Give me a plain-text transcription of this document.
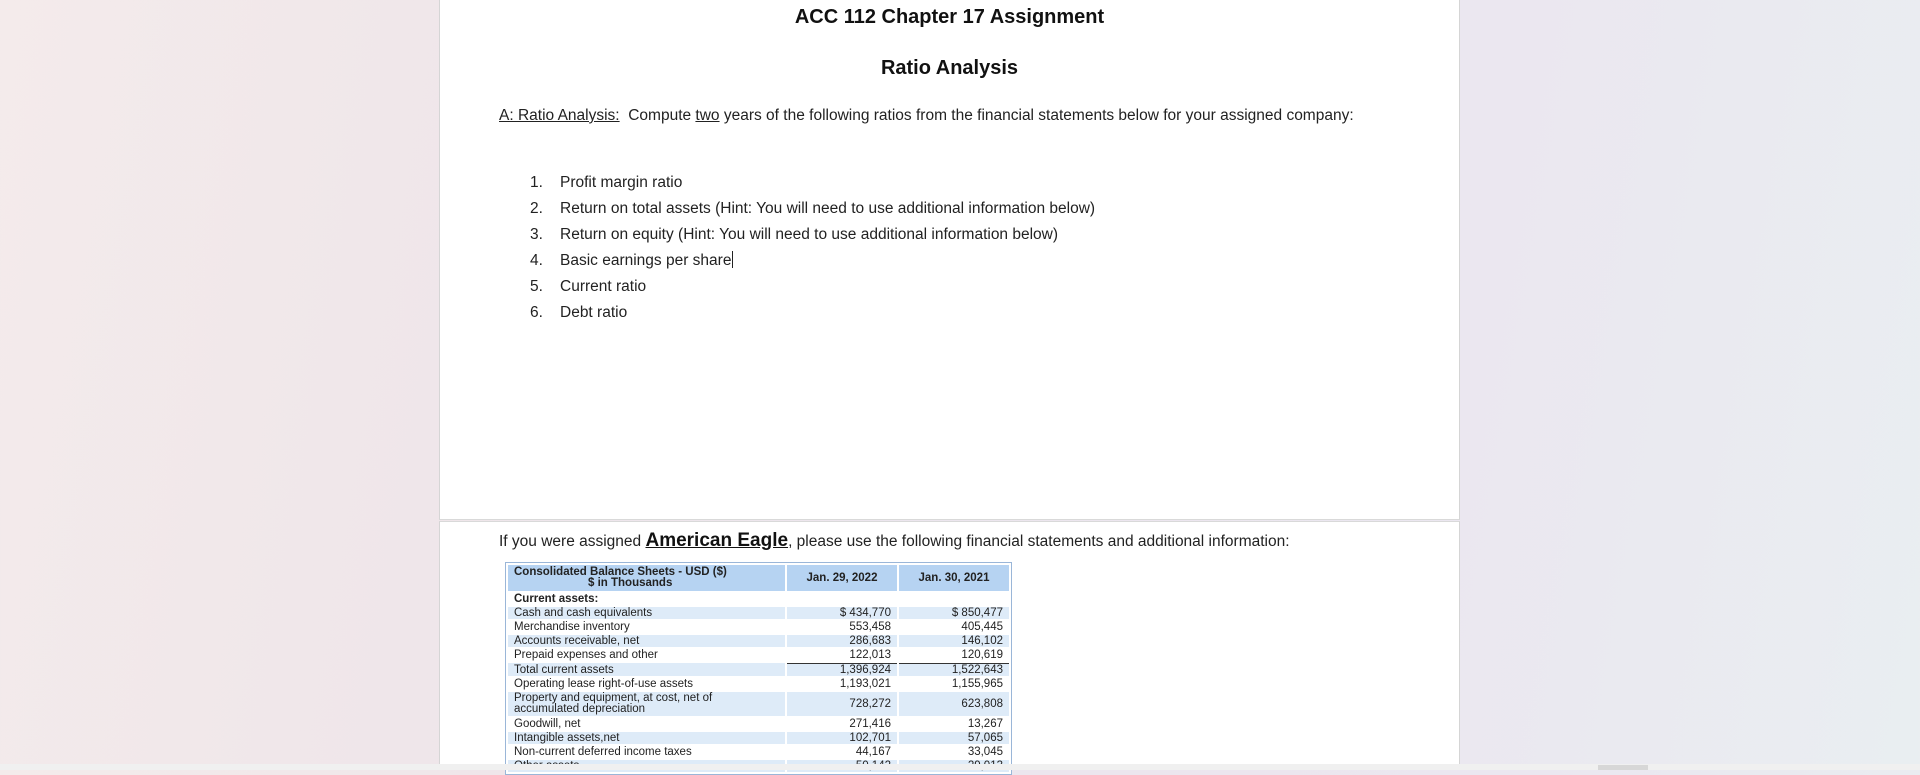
ACC 112 Chapter 17 Assignment
Ratio Analysis
A: Ratio Analysis:  Compute two years of the following ratios from the financial statements below for your assigned company:
1. Profit margin ratio
2. Return on total assets (Hint: You will need to use additional information below)
3. Return on equity (Hint: You will need to use additional information below)
4. Basic earnings per share
5. Current ratio
6. Debt ratio
If you were assigned American Eagle, please use the following financial statements and additional information:
Consolidated Balance Sheets - USD ($)
$ in Thousands	Jan. 29, 2022	Jan. 30, 2021
Current assets:		
Cash and cash equivalents	$ 434,770	$ 850,477
Merchandise inventory	553,458	405,445
Accounts receivable, net	286,683	146,102
Prepaid expenses and other	122,013	120,619
Total current assets	1,396,924	1,522,643
Operating lease right-of-use assets	1,193,021	1,155,965

Property and equipment, at cost, net of
accumulated depreciation	728,272	623,808
Goodwill, net	271,416	13,267
Intangible assets,net	102,701	57,065
Non-current deferred income taxes	44,167	33,045
